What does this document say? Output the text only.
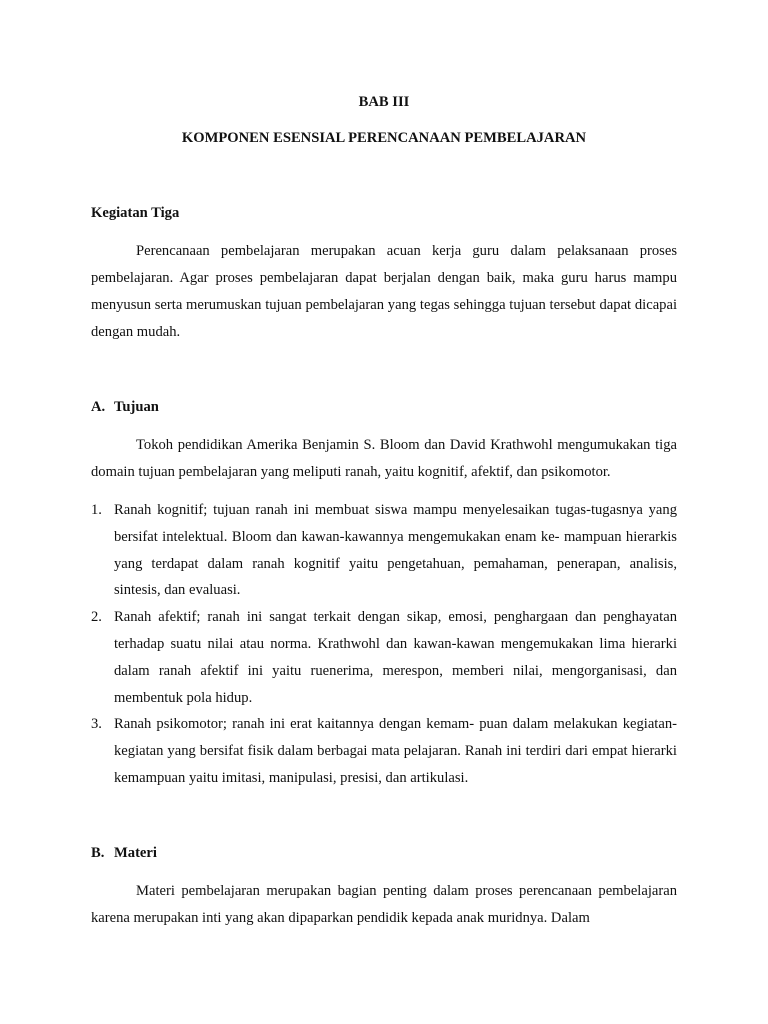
BAB III

KOMPONEN ESENSIAL PERENCANAAN PEMBELAJARAN

Kegiatan Tiga

Perencanaan pembelajaran merupakan acuan kerja guru dalam pelaksanaan proses pembelajaran. Agar proses pembelajaran dapat berjalan dengan baik, maka guru harus mampu menyusun serta merumuskan tujuan pembelajaran yang tegas sehingga tujuan tersebut dapat dicapai dengan mudah.

A. Tujuan

Tokoh pendidikan Amerika Benjamin S. Bloom dan David Krathwohl mengumukakan tiga domain tujuan pembelajaran yang meliputi ranah, yaitu kognitif, afektif, dan psikomotor.

1. Ranah kognitif; tujuan ranah ini membuat siswa mampu menyelesaikan tugas-tugasnya yang bersifat intelektual. Bloom dan kawan-kawannya mengemukakan enam ke- mampuan hierarkis yang terdapat dalam ranah kognitif yaitu pengetahuan, pemahaman, penerapan, analisis, sintesis, dan evaluasi.
2. Ranah afektif; ranah ini sangat terkait dengan sikap, emosi, penghargaan dan penghayatan terhadap suatu nilai atau norma. Krathwohl dan kawan-kawan mengemukakan lima hierarki dalam ranah afektif ini yaitu ruenerima, merespon, memberi nilai, mengorganisasi, dan membentuk pola hidup.
3. Ranah psikomotor; ranah ini erat kaitannya dengan kemam- puan dalam melakukan kegiatan-kegiatan yang bersifat fisik dalam berbagai mata pelajaran. Ranah ini terdiri dari empat hierarki kemampuan yaitu imitasi, manipulasi, presisi, dan artikulasi.

B. Materi

Materi pembelajaran merupakan bagian penting dalam proses perencanaan pembelajaran karena merupakan inti yang akan dipaparkan pendidik kepada anak muridnya. Dalam
